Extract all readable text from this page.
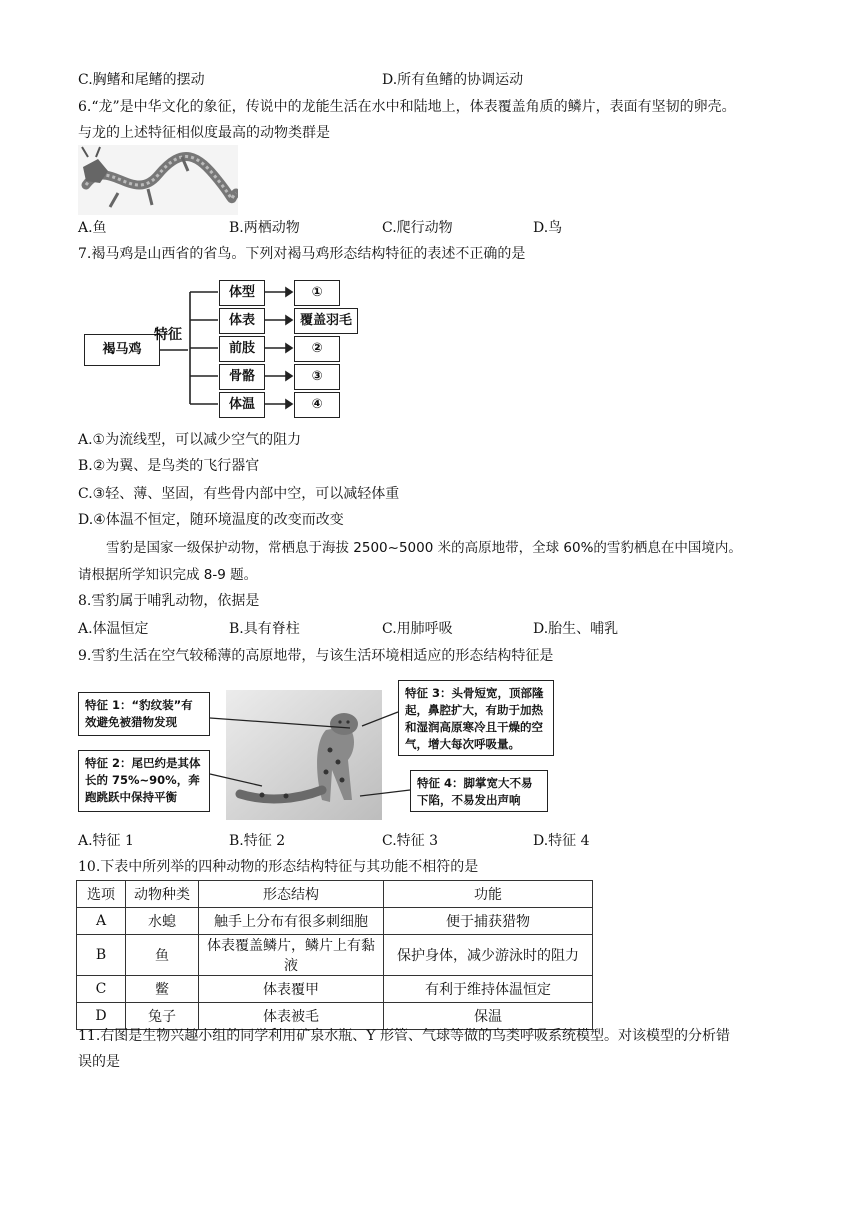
C.胸鳍和尾鳍的摆动	D.所有鱼鳍的协调运动
6.“龙”是中华文化的象征，传说中的龙能生活在水中和陆地上，体表覆盖角质的鳞片，表面有坚韧的卵壳。
与龙的上述特征相似度最高的动物类群是
A.鱼	B.两栖动物	C.爬行动物	D.鸟
7.褐马鸡是山西省的省鸟。下列对褐马鸡形态结构特征的表述不正确的是
褐马鸡
特征
体型
体表
前肢
骨骼
体温
①
覆盖羽毛
②
③
④
A.①为流线型，可以减少空气的阻力
B.②为翼、是鸟类的飞行器官
C.③轻、薄、坚固，有些骨内部中空，可以减轻体重
D.④体温不恒定，随环境温度的改变而改变
雪豹是国家一级保护动物，常栖息于海拔 2500~5000 米的高原地带，全球 60%的雪豹栖息在中国境内。
请根据所学知识完成 8-9 题。
8.雪豹属于哺乳动物，依据是
A.体温恒定	B.具有脊柱	C.用肺呼吸	D.胎生、哺乳
9.雪豹生活在空气较稀薄的高原地带，与该生活环境相适应的形态结构特征是
特征 1：“豹纹装”有效避免被猎物发现
特征 2：尾巴约是其体长的 75%~90%，奔跑跳跃中保持平衡
特征 3：头骨短宽，顶部隆起，鼻腔扩大，有助于加热和湿润高原寒冷且干燥的空气，增大每次呼吸量。
特征 4：脚掌宽大不易下陷，不易发出声响
A.特征 1	B.特征 2	C.特征 3	D.特征 4
10.下表中所列举的四种动物的形态结构特征与其功能不相符的是
选项	动物种类	形态结构	功能
A	水螅	触手上分布有很多刺细胞	便于捕获猎物
B	鱼	体表覆盖鳞片，鳞片上有黏液	保护身体，减少游泳时的阻力
C	鳖	体表覆甲	有利于维持体温恒定
D	兔子	体表被毛	保温
11.右图是生物兴趣小组的同学利用矿泉水瓶、Y 形管、气球等做的鸟类呼吸系统模型。对该模型的分析错
误的是
